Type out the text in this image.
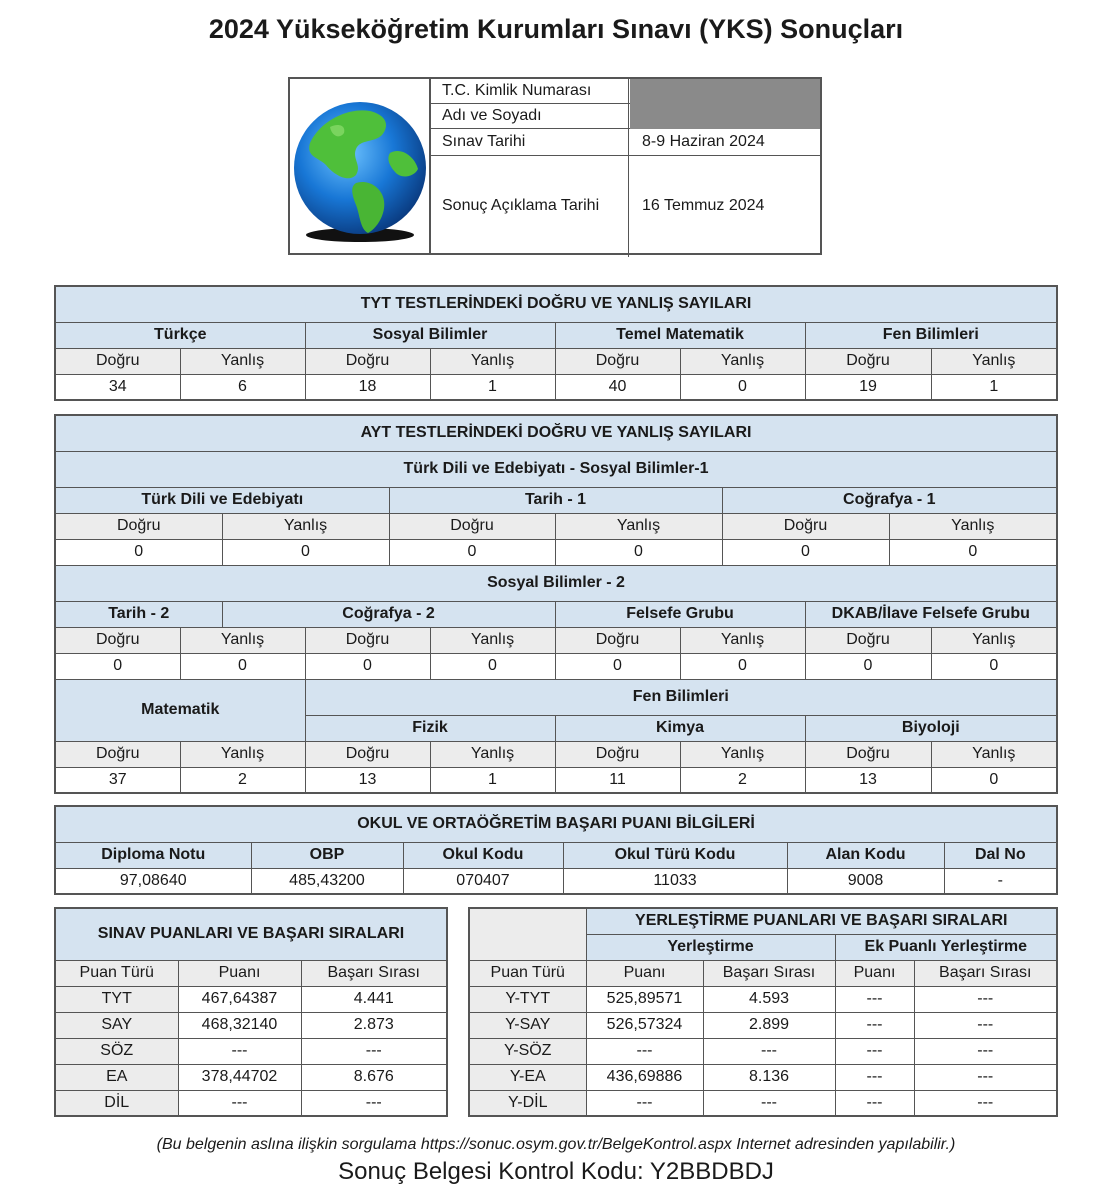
2024 Yükseköğretim Kurumları Sınavı (YKS) Sonuçları
T.C. Kimlik Numarası
Adı ve Soyadı
Sınav Tarihi	8-9 Haziran 2024
Sonuç Açıklama Tarihi	16 Temmuz 2024
TYT TESTLERİNDEKİ DOĞRU VE YANLIŞ SAYILARI							
Türkçe		Sosyal Bilimler		Temel Matematik		Fen Bilimleri	
Doğru	Yanlış	Doğru	Yanlış	Doğru	Yanlış	Doğru	Yanlış
34	6	18	1	40	0	19	1
AYT TESTLERİNDEKİ DOĞRU VE YANLIŞ SAYILARI											
Türk Dili ve Edebiyatı - Sosyal Bilimler-1											
Türk Dili ve Edebiyatı				Tarih - 1				Coğrafya - 1			
Doğru		Yanlış		Doğru		Yanlış		Doğru		Yanlış	
0		0		0		0		0		0	
Sosyal Bilimler - 2											
Tarih - 2		Coğrafya - 2				Felsefe Grubu			DKAB/İlave Felsefe Grubu		
Doğru	Yanlış		Doğru		Yanlış	Doğru	Yanlış		Doğru		Yanlış
0	0		0		0	0	0		0		0
Matematik			Fen Bilimleri								
			Fizik			Kimya			Biyoloji		
Doğru	Yanlış		Doğru		Yanlış	Doğru	Yanlış		Doğru		Yanlış
37	2		13		1	11	2		13		0
OKUL VE ORTAÖĞRETİM BAŞARI PUANI BİLGİLERİ					
Diploma Notu	OBP	Okul Kodu	Okul Türü Kodu	Alan Kodu	Dal No
97,08640	485,43200	070407	11033	9008	-
SINAV PUANLARI VE BAŞARI SIRALARI		
Puan Türü	Puanı	Başarı Sırası
TYT	467,64387	4.441
SAY	468,32140	2.873
SÖZ	---	---
EA	378,44702	8.676
DİL	---	---
	YERLEŞTİRME PUANLARI VE BAŞARI SIRALARI			
	Yerleştirme		Ek Puanlı Yerleştirme	
Puan Türü	Puanı	Başarı Sırası	Puanı	Başarı Sırası
Y-TYT	525,89571	4.593	---	---
Y-SAY	526,57324	2.899	---	---
Y-SÖZ	---	---	---	---
Y-EA	436,69886	8.136	---	---
Y-DİL	---	---	---	---
(Bu belgenin aslına ilişkin sorgulama https://sonuc.osym.gov.tr/BelgeKontrol.aspx Internet adresinden yapılabilir.)
Sonuç Belgesi Kontrol Kodu: Y2BBDBDJ
